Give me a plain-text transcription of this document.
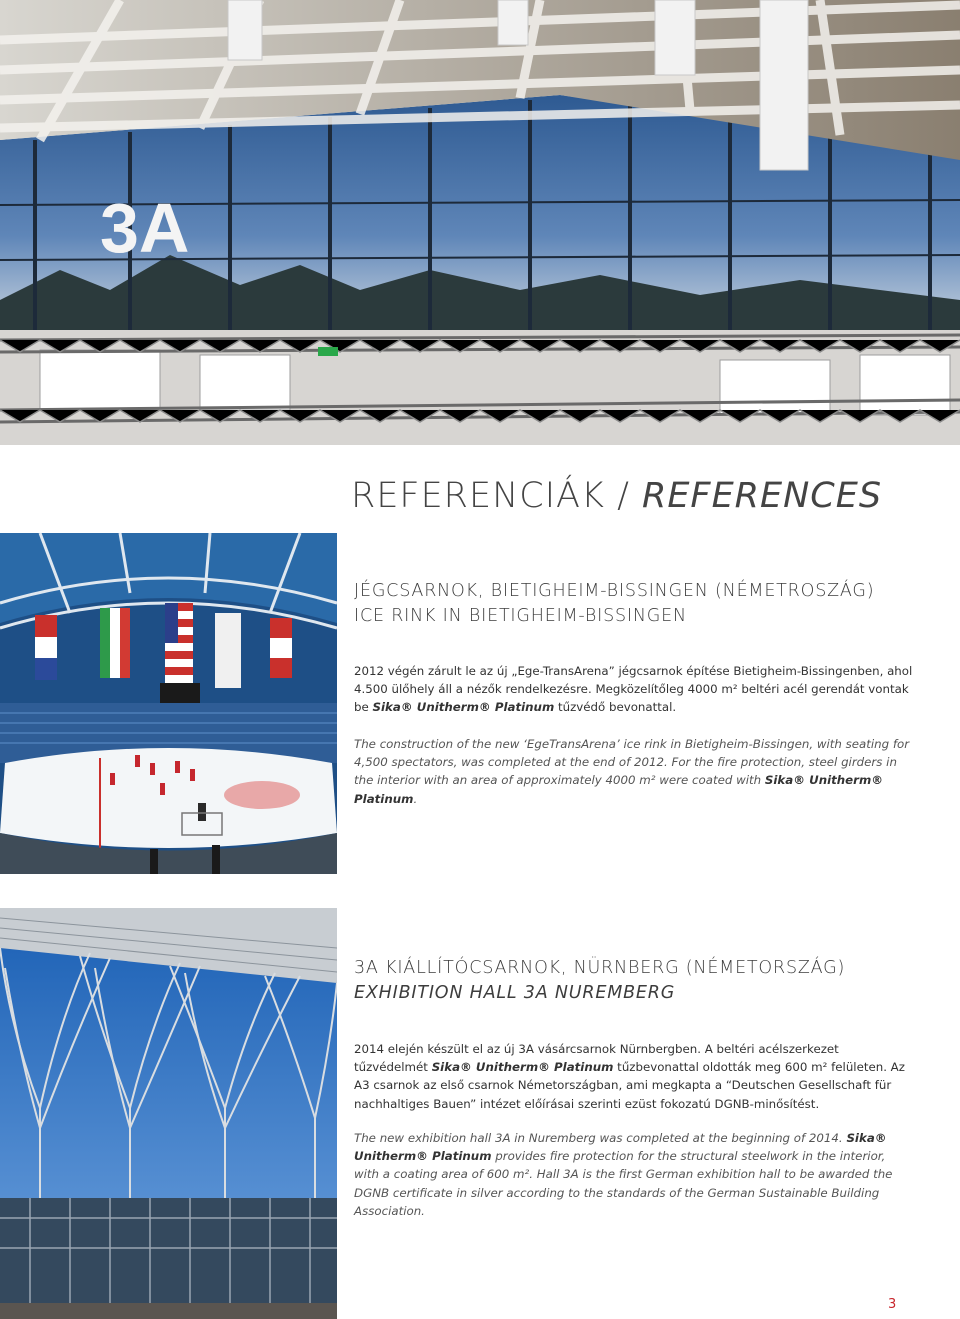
3A
REFERENCIÁK / REFERENCES
JÉGCSARNOK, BIETIGHEIM-BISSINGEN (NÉMETROSZÁG)
ICE RINK IN BIETIGHEIM-BISSINGEN

2012 végén zárult le az új „Ege-TransArena” jégcsarnok építése Bietigheim-Bissingenben, ahol 4.500 ülőhely áll a nézők rendelkezésre. Megközelítőleg 4000 m² beltéri acél gerendát vontak be Sika® Unitherm® Platinum tűzvédő bevonattal.

The construction of the new ‘EgeTransArena’ ice rink in Bietigheim-Bissingen, with seating for 4,500 spectators, was completed at the end of 2012. For the fire protection, steel girders in the interior with an area of approximately 4000 m² were coated with Sika® Unitherm® Platinum.

3A KIÁLLÍTÓCSARNOK, NÜRNBERG (NÉMETORSZÁG)
EXHIBITION HALL 3A NUREMBERG

2014 elején készült el az új 3A vásárcsarnok Nürnbergben. A beltéri acélszerkezet tűzvédelmét Sika® Unitherm® Platinum tűzbevonattal oldották meg 600 m² felületen. Az A3 csarnok az első csarnok Németországban, ami megkapta a “Deutschen Gesellschaft für nachhaltiges Bauen” intézet előírásai szerinti ezüst fokozatú DGNB-minősítést.

The new exhibition hall 3A in Nuremberg was completed at the beginning of 2014. Sika® Unitherm® Platinum provides fire protection for the structural steelwork in the interior, with a coating area of 600 m². Hall 3A is the first German exhibition hall to be awarded the DGNB certificate in silver according to the standards of the German Sustainable Building Association.

3
